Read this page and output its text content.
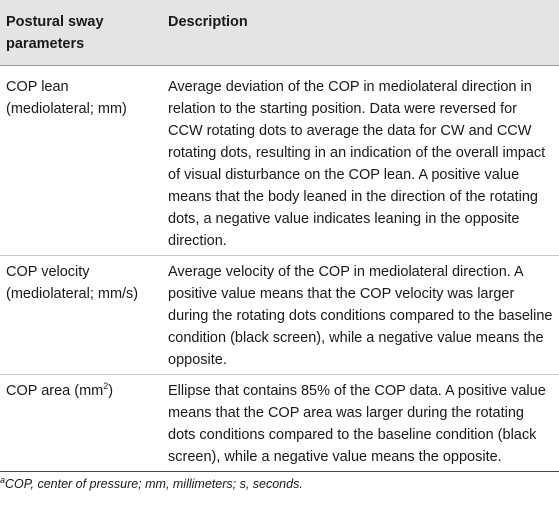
Postural sway parameters	Description
COP lean (mediolateral; mm)	Average deviation of the COP in mediolateral direction in relation to the starting position. Data were reversed for CCW rotating dots to average the data for CW and CCW rotating dots, resulting in an indication of the overall impact of visual disturbance on the COP lean. A positive value means that the body leaned in the direction of the rotating dots, a negative value indicates leaning in the opposite direction.
COP velocity (mediolateral; mm/s)	Average velocity of the COP in mediolateral direction. A positive value means that the COP velocity was larger during the rotating dots conditions compared to the baseline condition (black screen), while a negative value means the opposite.
COP area $(mm^2)$	Ellipse that contains 85% of the COP data. A positive value means that the COP area was larger during the rotating dots conditions compared to the baseline condition (black screen), while a negative value means the opposite.
$^a$COP, center of pressure; mm, millimeters; s, seconds.
